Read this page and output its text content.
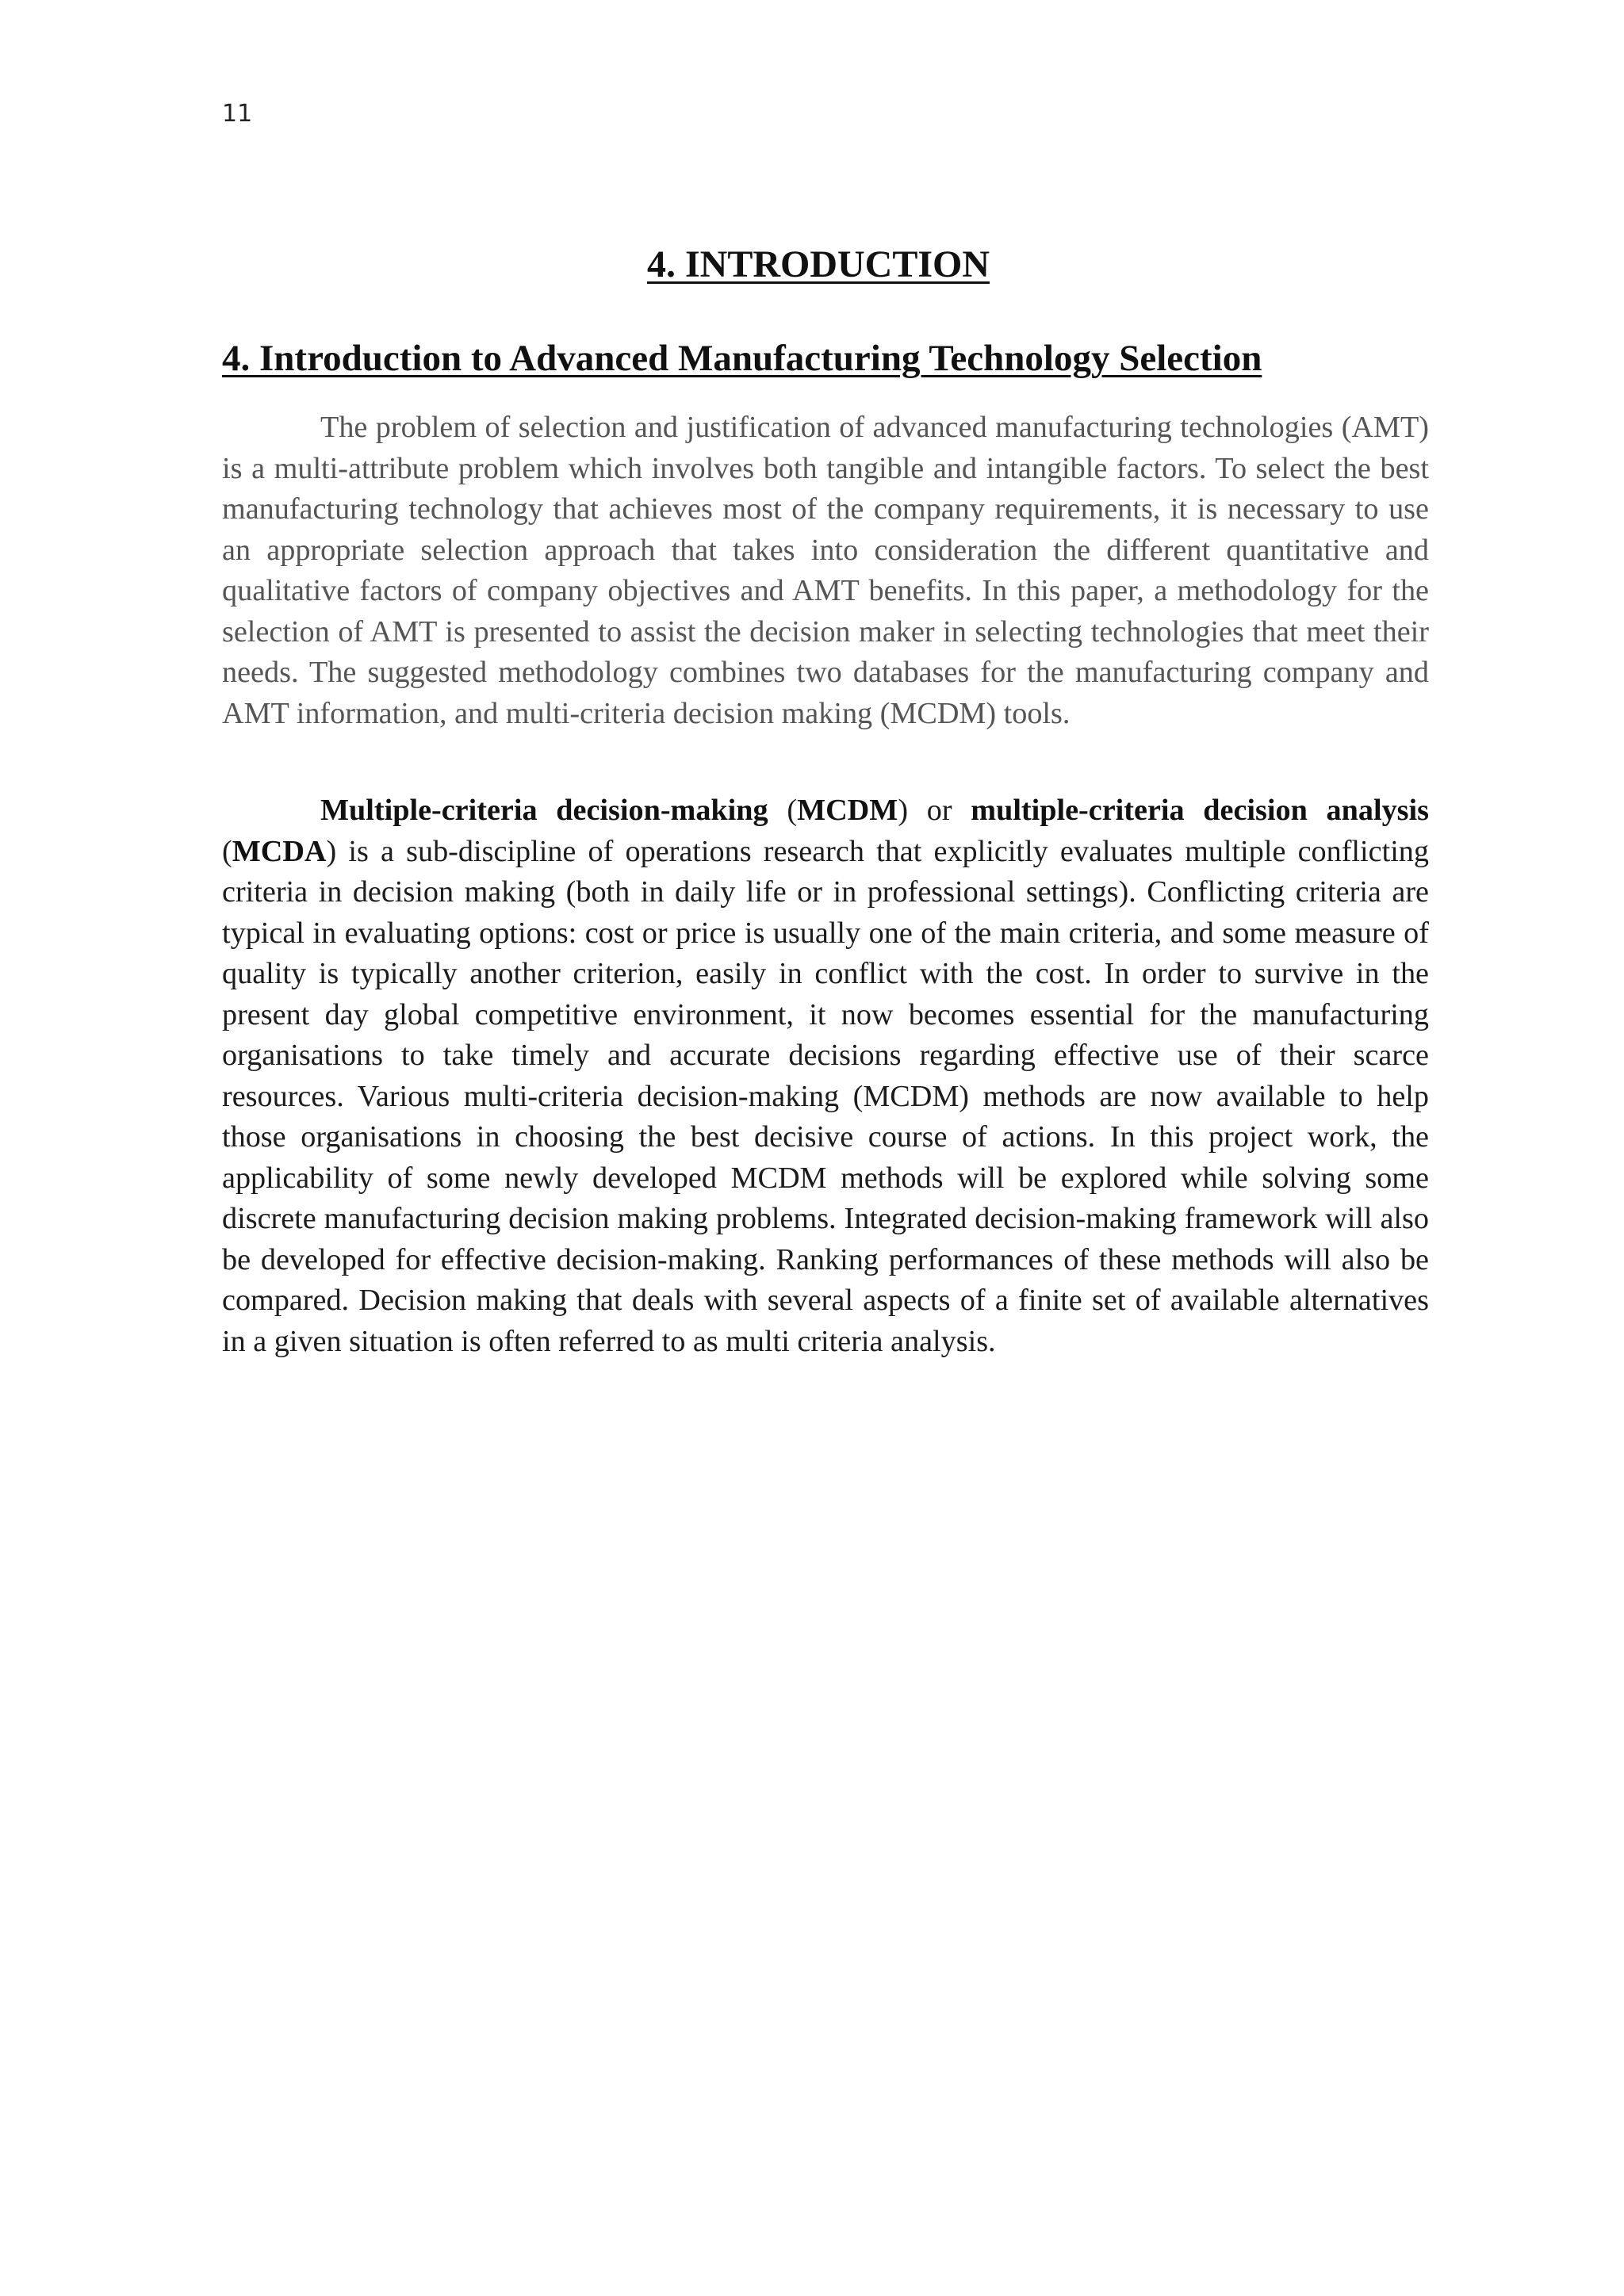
11
4. INTRODUCTION
4. Introduction to Advanced Manufacturing Technology Selection

The problem of selection and justification of advanced manufacturing technologies (AMT) is a multi-attribute problem which involves both tangible and intangible factors. To select the best manufacturing technology that achieves most of the company requirements, it is necessary to use an appropriate selection approach that takes into consideration the different quantitative and qualitative factors of company objectives and AMT benefits. In this paper, a methodology for the selection of AMT is presented to assist the decision maker in selecting technologies that meet their needs. The suggested methodology combines two databases for the manufacturing company and AMT information, and multi-criteria decision making (MCDM) tools.

Multiple-criteria decision-making (MCDM) or multiple-criteria decision analysis (MCDA) is a sub-discipline of operations research that explicitly evaluates multiple conflicting criteria in decision making (both in daily life or in professional settings). Conflicting criteria are typical in evaluating options: cost or price is usually one of the main criteria, and some measure of quality is typically another criterion, easily in conflict with the cost. In order to survive in the present day global competitive environment, it now becomes essential for the manufacturing organisations to take timely and accurate decisions regarding effective use of their scarce resources. Various multi-criteria decision-making (MCDM) methods are now available to help those organisations in choosing the best decisive course of actions. In this project work, the applicability of some newly developed MCDM methods will be explored while solving some discrete manufacturing decision making problems. Integrated decision-making framework will also be developed for effective decision-making. Ranking performances of these methods will also be compared. Decision making that deals with several aspects of a finite set of available alternatives in a given situation is often referred to as multi criteria analysis.
